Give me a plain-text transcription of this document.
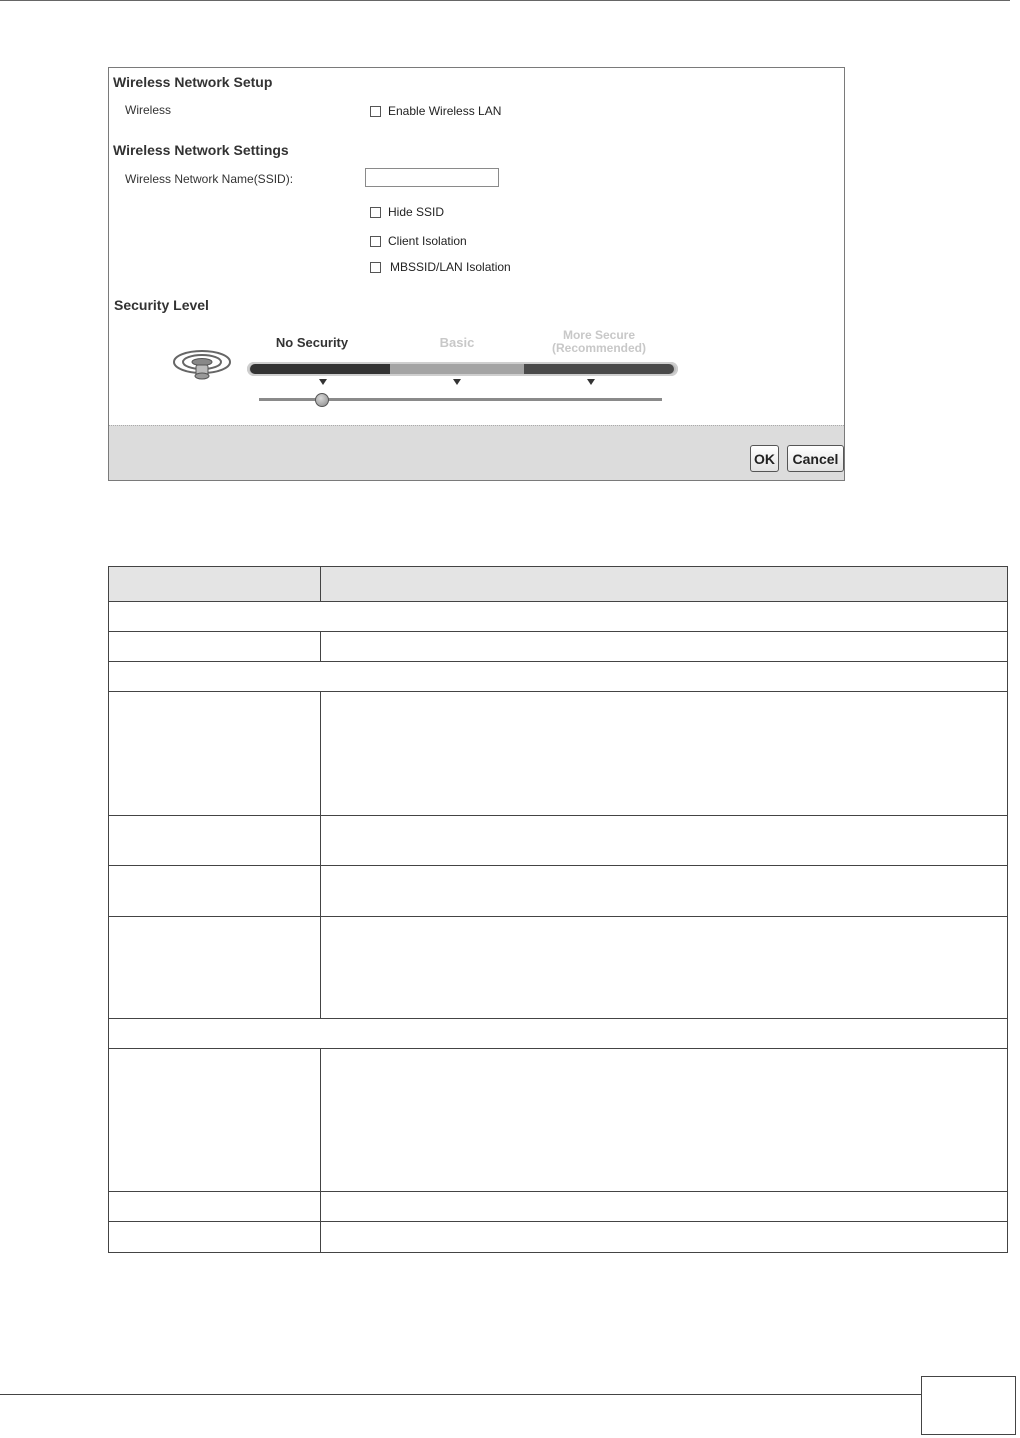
Wireless Network Setup
Wireless	Enable Wireless LAN
Wireless Network Settings
Wireless Network Name(SSID):
Hide SSID
Client Isolation
MBSSID/LAN Isolation
Security Level
No Security	Basic	More Secure
(Recommended)
OK	Cancel
